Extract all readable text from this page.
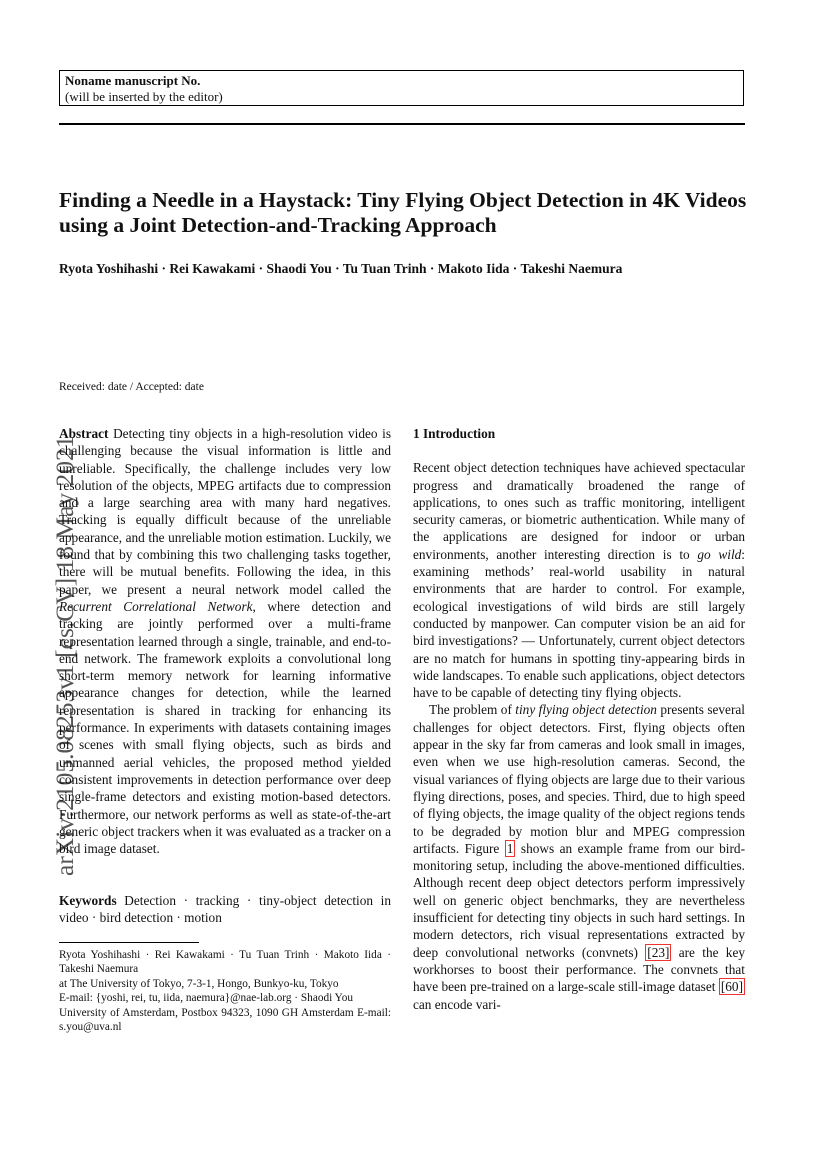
Noname manuscript No.
(will be inserted by the editor)
Finding a Needle in a Haystack: Tiny Flying Object Detection in 4K Videos using a Joint Detection-and-Tracking Approach
Ryota Yoshihashi · Rei Kawakami · Shaodi You · Tu Tuan Trinh · Makoto Iida · Takeshi Naemura
arXiv:2105.08253v1 [cs.CV] 18 May 2021
Received: date / Accepted: date

Abstract Detecting tiny objects in a high-resolution video is challenging because the visual information is little and unreliable. Specifically, the challenge includes very low resolution of the objects, MPEG artifacts due to compression and a large searching area with many hard negatives. Tracking is equally difficult because of the unreliable appearance, and the unreliable motion estimation. Luckily, we found that by combining this two challenging tasks together, there will be mutual benefits. Following the idea, in this paper, we present a neural network model called the Recurrent Correlational Network, where detection and tracking are jointly performed over a multi-frame representation learned through a single, trainable, and end-to-end network. The framework exploits a convolutional long short-term memory network for learning informative appearance changes for detection, while the learned representation is shared in tracking for enhancing its performance. In experiments with datasets containing images of scenes with small flying objects, such as birds and unmanned aerial vehicles, the proposed method yielded consistent improvements in detection performance over deep single-frame detectors and existing motion-based detectors. Furthermore, our network performs as well as state-of-the-art generic object trackers when it was evaluated as a tracker on a bird image dataset.

Keywords Detection · tracking · tiny-object detection in video · bird detection · motion
Ryota Yoshihashi · Rei Kawakami · Tu Tuan Trinh · Makoto Iida · Takeshi Naemura
at The University of Tokyo, 7-3-1, Hongo, Bunkyo-ku, Tokyo
E-mail: {yoshi, rei, tu, iida, naemura}@nae-lab.org · Shaodi You
University of Amsterdam, Postbox 94323, 1090 GH Amsterdam E-mail: s.you@uva.nl

1 Introduction

Recent object detection techniques have achieved spectacular progress and dramatically broadened the range of applications, to ones such as traffic monitoring, intelligent security cameras, or biometric authentication. While many of the applications are designed for indoor or urban environments, another interesting direction is to go wild: examining methods’ real-world usability in natural environments that are harder to control. For example, ecological investigations of wild birds are still largely conducted by manpower. Can computer vision be an aid for bird investigations? — Unfortunately, current object detectors are no match for humans in spotting tiny-appearing birds in wide landscapes. To enable such applications, object detectors have to be capable of detecting tiny flying objects.

The problem of tiny flying object detection presents several challenges for object detectors. First, flying objects often appear in the sky far from cameras and look small in images, even when we use high-resolution cameras. Second, the visual variances of flying objects are large due to their various flying directions, poses, and species. Third, due to high speed of flying objects, the image quality of the object regions tends to be degraded by motion blur and MPEG compression artifacts. Figure 1 shows an example frame from our bird-monitoring setup, including the above-mentioned difficulties. Although recent deep object detectors perform impressively well on generic object benchmarks, they are nevertheless insufficient for detecting tiny objects in such hard settings. In modern detectors, rich visual representations extracted by deep convolutional networks (convnets) [23] are the key workhorses to boost their performance. The convnets that have been pre-trained on a large-scale still-image dataset [60] can encode vari-
